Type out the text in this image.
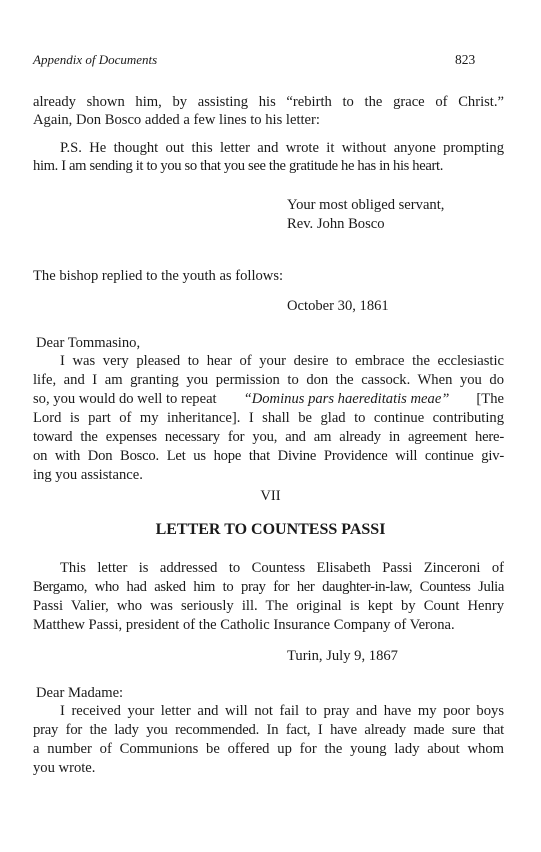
Appendix of Documents	823
already shown him, by assisting his “rebirth to the grace of Christ.”
Again, Don Bosco added a few lines to his letter:
P.S. He thought out this letter and wrote it without anyone prompting
him. I am sending it to you so that you see the gratitude he has in his heart.
Your most obliged servant,
Rev. John Bosco
The bishop replied to the youth as follows:
October 30, 1861
Dear Tommasino,
I was very pleased to hear of your desire to embrace the ecclesiastic
life, and I am granting you permission to don the cassock. When you do
so, you would do well to repeat “Dominus pars haereditatis meae” [The
Lord is part of my inheritance]. I shall be glad to continue contributing
toward the expenses necessary for you, and am already in agreement here-
on with Don Bosco. Let us hope that Divine Providence will continue giv-
ing you assistance.
VII
LETTER TO COUNTESS PASSI
This letter is addressed to Countess Elisabeth Passi Zinceroni of
Bergamo, who had asked him to pray for her daughter-in-law, Countess Julia
Passi Valier, who was seriously ill. The original is kept by Count Henry
Matthew Passi, president of the Catholic Insurance Company of Verona.
Turin, July 9, 1867
Dear Madame:
I received your letter and will not fail to pray and have my poor boys
pray for the lady you recommended. In fact, I have already made sure that
a number of Communions be offered up for the young lady about whom
you wrote.
